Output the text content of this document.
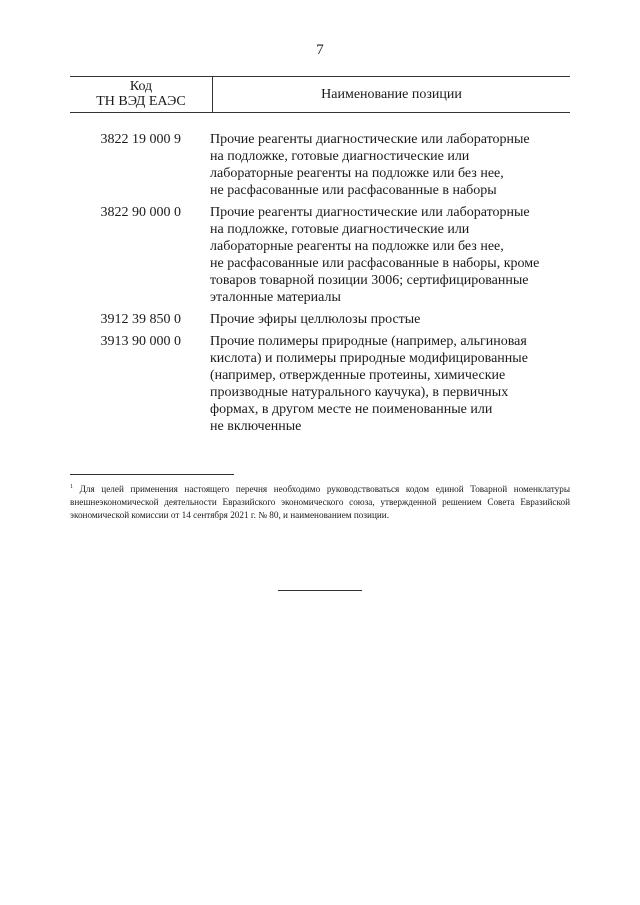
7
Код
ТН ВЭД ЕАЭС	Наименование позиции
3822 19 000 9	Прочие реагенты диагностические или лабораторные
на подложке, готовые диагностические или
лабораторные реагенты на подложке или без нее,
не расфасованные или расфасованные в наборы
3822 90 000 0	Прочие реагенты диагностические или лабораторные
на подложке, готовые диагностические или
лабораторные реагенты на подложке или без нее,
не расфасованные или расфасованные в наборы, кроме
товаров товарной позиции 3006; сертифицированные
эталонные материалы
3912 39 850 0	Прочие эфиры целлюлозы простые
3913 90 000 0	Прочие полимеры природные (например, альгиновая
кислота) и полимеры природные модифицированные
(например, отвержденные протеины, химические
производные натурального каучука), в первичных
формах, в другом месте не поименованные или
не включенные
$^1$ Для целей применения настоящего перечня необходимо руководствоваться кодом единой Товарной номенклатуры внешнеэкономической деятельности Евразийского экономического союза, утвержденной решением Совета Евразийской экономической комиссии от 14 сентября 2021 г. № 80, и наименованием позиции.
